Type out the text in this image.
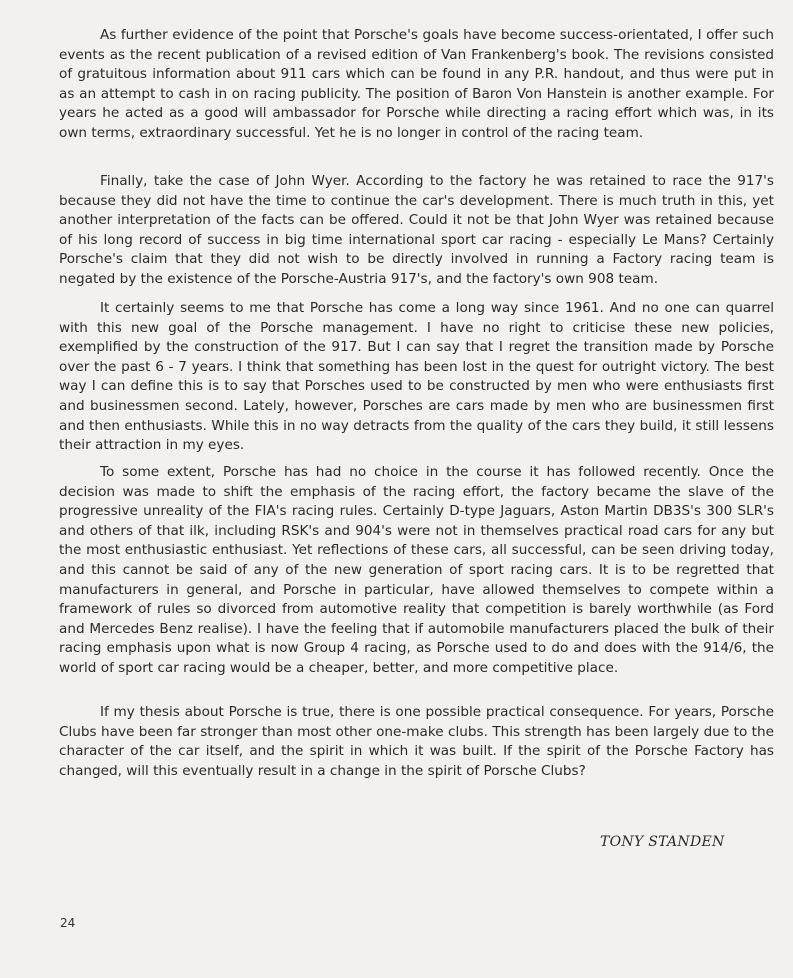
As further evidence of the point that Porsche's goals have become success-orientated, I offer such events as the recent publication of a revised edition of Van Frankenberg's book. The revisions consisted of gratuitous information about 911 cars which can be found in any P.R. handout, and thus were put in as an attempt to cash in on racing publicity. The position of Baron Von Hanstein is another example. For years he acted as a good will ambassador for Porsche while directing a racing effort which was, in its own terms, extraordinary successful. Yet he is no longer in control of the racing team.

Finally, take the case of John Wyer. According to the factory he was retained to race the 917's because they did not have the time to continue the car's development. There is much truth in this, yet another interpretation of the facts can be offered. Could it not be that John Wyer was retained because of his long record of success in big time international sport car racing - especially Le Mans? Certainly Porsche's claim that they did not wish to be directly involved in running a Factory racing team is negated by the existence of the Porsche-Austria 917's, and the factory's own 908 team.

It certainly seems to me that Porsche has come a long way since 1961. And no one can quarrel with this new goal of the Porsche management. I have no right to criticise these new policies, exemplified by the construction of the 917. But I can say that I regret the transition made by Porsche over the past 6 - 7 years. I think that something has been lost in the quest for outright victory. The best way I can define this is to say that Porsches used to be constructed by men who were enthusiasts first and businessmen second. Lately, however, Porsches are cars made by men who are businessmen first and then enthusiasts. While this in no way detracts from the quality of the cars they build, it still lessens their attraction in my eyes.

To some extent, Porsche has had no choice in the course it has followed recently. Once the decision was made to shift the emphasis of the racing effort, the factory became the slave of the progressive unreality of the FIA's racing rules. Certainly D-type Jaguars, Aston Martin DB3S's 300 SLR's and others of that ilk, including RSK's and 904's were not in themselves practical road cars for any but the most enthusiastic enthusiast. Yet reflections of these cars, all successful, can be seen driving today, and this cannot be said of any of the new generation of sport racing cars. It is to be regretted that manufacturers in general, and Porsche in particular, have allowed themselves to compete within a framework of rules so divorced from automotive reality that competition is barely worthwhile (as Ford and Mercedes Benz realise). I have the feeling that if automobile manufacturers placed the bulk of their racing emphasis upon what is now Group 4 racing, as Porsche used to do and does with the 914/6, the world of sport car racing would be a cheaper, better, and more competitive place.

If my thesis about Porsche is true, there is one possible practical consequence. For years, Porsche Clubs have been far stronger than most other one-make clubs. This strength has been largely due to the character of the car itself, and the spirit in which it was built. If the spirit of the Porsche Factory has changed, will this eventually result in a change in the spirit of Porsche Clubs?

TONY STANDEN

24
